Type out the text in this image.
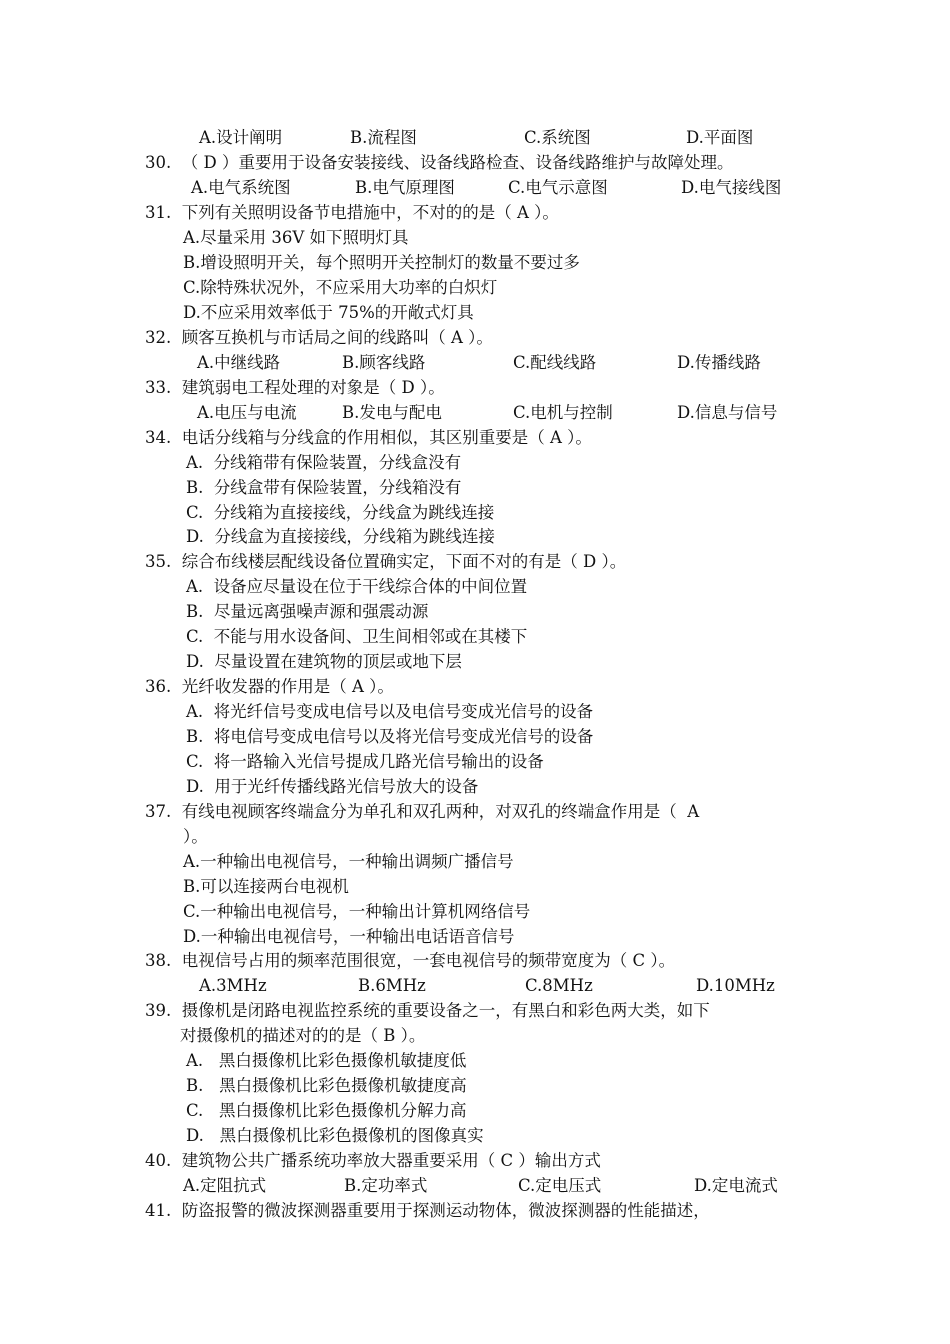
A.设计阐明	B.流程图	C.系统图	D.平面图
30.  （ D ）重要用于设备安装接线、设备线路检查、设备线路维护与故障处理。
A.电气系统图	B.电气原理图	C.电气示意图	D.电气接线图
31.  下列有关照明设备节电措施中，不对的的是（ A ）。
A.尽量采用 36V 如下照明灯具
B.增设照明开关，每个照明开关控制灯的数量不要过多
C.除特殊状况外，不应采用大功率的白炽灯
D.不应采用效率低于 75%的开敞式灯具
32.  顾客互换机与市话局之间的线路叫（ A ）。
A.中继线路	B.顾客线路	C.配线线路	D.传播线路
33.  建筑弱电工程处理的对象是（ D ）。
A.电压与电流	B.发电与配电	C.电机与控制	D.信息与信号
34.  电话分线箱与分线盒的作用相似，其区别重要是（ A ）。
A.  分线箱带有保险装置，分线盒没有
B.  分线盒带有保险装置，分线箱没有
C.  分线箱为直接接线，分线盒为跳线连接
D.  分线盒为直接接线，分线箱为跳线连接
35.  综合布线楼层配线设备位置确实定，下面不对的有是（ D ）。
A.  设备应尽量设在位于干线综合体的中间位置
B.  尽量远离强噪声源和强震动源
C.  不能与用水设备间、卫生间相邻或在其楼下
D.  尽量设置在建筑物的顶层或地下层
36.  光纤收发器的作用是（ A ）。
A.  将光纤信号变成电信号以及电信号变成光信号的设备
B.  将电信号变成电信号以及将光信号变成光信号的设备
C.  将一路输入光信号提成几路光信号输出的设备
D.  用于光纤传播线路光信号放大的设备
37.  有线电视顾客终端盒分为单孔和双孔两种，对双孔的终端盒作用是（  A
）。
A.一种输出电视信号，一种输出调频广播信号
B.可以连接两台电视机
C.一种输出电视信号，一种输出计算机网络信号
D.一种输出电视信号，一种输出电话语音信号
38.  电视信号占用的频率范围很宽，一套电视信号的频带宽度为（ C ）。
A.3MHz	B.6MHz	C.8MHz	D.10MHz
39.  摄像机是闭路电视监控系统的重要设备之一，有黑白和彩色两大类，如下
对摄像机的描述对的的是（ B ）。
A.   黑白摄像机比彩色摄像机敏捷度低
B.   黑白摄像机比彩色摄像机敏捷度高
C.   黑白摄像机比彩色摄像机分解力高
D.   黑白摄像机比彩色摄像机的图像真实
40.  建筑物公共广播系统功率放大器重要采用（ C ）输出方式
A.定阻抗式	B.定功率式	C.定电压式	D.定电流式
41.  防盗报警的微波探测器重要用于探测运动物体，微波探测器的性能描述，
